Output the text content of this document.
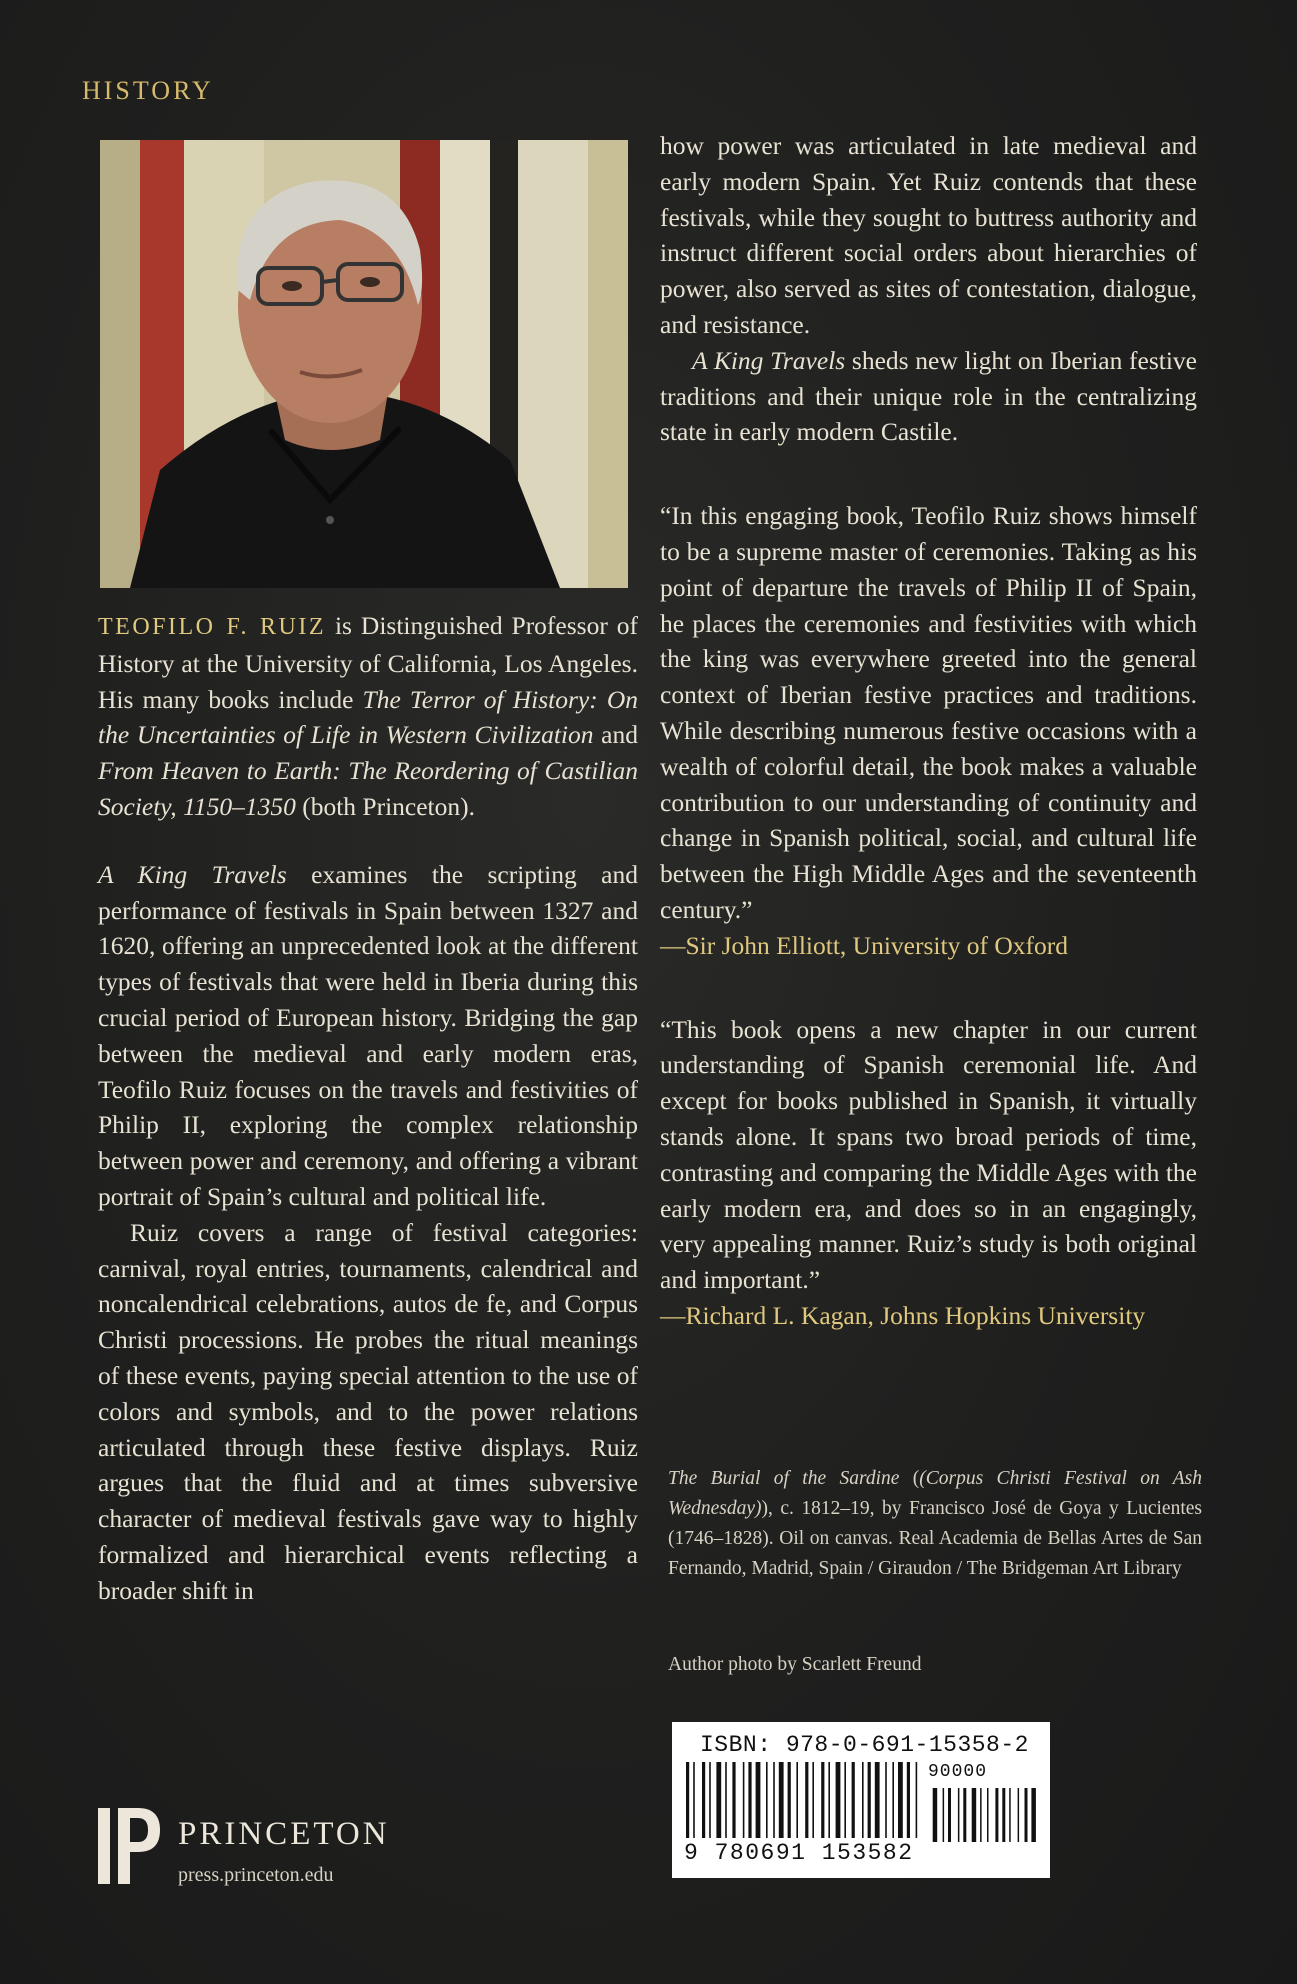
HISTORY

TEOFILO F. RUIZ is Distinguished Professor of History at the University of California, Los Angeles. His many books include The Terror of History: On the Uncertainties of Life in Western Civilization and From Heaven to Earth: The Reordering of Castilian Society, 1150–1350 (both Princeton).

A King Travels examines the scripting and performance of festivals in Spain between 1327 and 1620, offering an unprecedented look at the different types of festivals that were held in Iberia during this crucial period of European history. Bridging the gap between the medieval and early modern eras, Teofilo Ruiz focuses on the travels and festivities of Philip II, exploring the complex relationship between power and ceremony, and offering a vibrant portrait of Spain’s cultural and political life.

Ruiz covers a range of festival categories: carnival, royal entries, tournaments, calendrical and noncalendrical celebrations, autos de fe, and Corpus Christi processions. He probes the ritual meanings of these events, paying special attention to the use of colors and symbols, and to the power relations articulated through these festive displays. Ruiz argues that the fluid and at times subversive character of medieval festivals gave way to highly formalized and hierarchical events reflecting a broader shift in

how power was articulated in late medieval and early modern Spain. Yet Ruiz contends that these festivals, while they sought to buttress authority and instruct different social orders about hierarchies of power, also served as sites of contestation, dialogue, and resistance.

A King Travels sheds new light on Iberian festive traditions and their unique role in the centralizing state in early modern Castile.

“In this engaging book, Teofilo Ruiz shows himself to be a supreme master of ceremonies. Taking as his point of departure the travels of Philip II of Spain, he places the ceremonies and festivities with which the king was everywhere greeted into the general context of Iberian festive practices and traditions. While describing numerous festive occasions with a wealth of colorful detail, the book makes a valuable contribution to our understanding of continuity and change in Spanish political, social, and cultural life between the High Middle Ages and the seventeenth century.”

—Sir John Elliott, University of Oxford

“This book opens a new chapter in our current understanding of Spanish ceremonial life. And except for books published in Spanish, it virtually stands alone. It spans two broad periods of time, contrasting and comparing the Middle Ages with the early modern era, and does so in an engagingly, very appealing manner. Ruiz’s study is both original and important.”

—Richard L. Kagan, Johns Hopkins University

The Burial of the Sardine ((Corpus Christi Festival on Ash Wednesday)), c. 1812–19, by Francisco José de Goya y Lucientes (1746–1828). Oil on canvas. Real Academia de Bellas Artes de San Fernando, Madrid, Spain / Giraudon / The Bridgeman Art Library
Author photo by Scarlett Freund
ISBN: 978-0-691-15358-2
90000
9 780691 153582
PRINCETON
press.princeton.edu
